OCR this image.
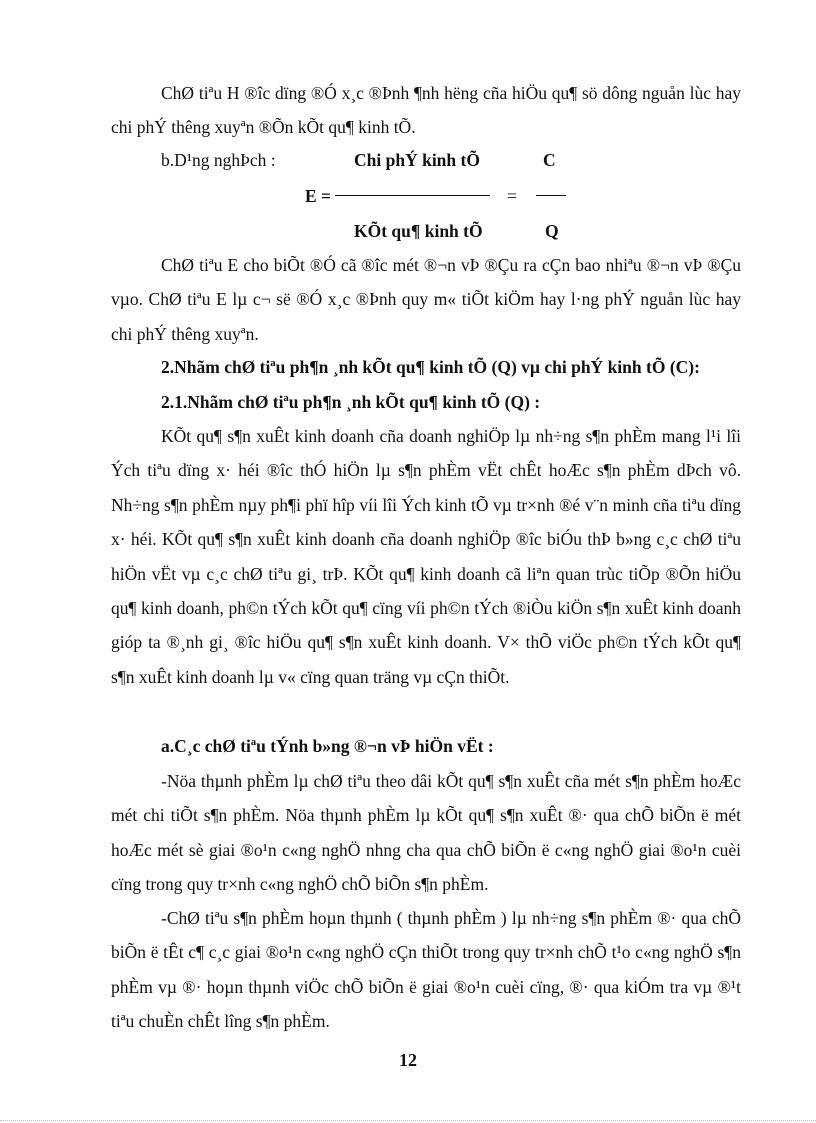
ChØ tiªu H ®îc dïng ®Ó x¸c ®Þnh ¶nh hëng cña hiÖu qu¶ sö dông nguån lùc hay chi phÝ thêng xuyªn ®Õn kÕt qu¶ kinh tÕ.

b.D¹ng nghÞch :	Chi phÝ kinh tÕ	C
E =	=
KÕt qu¶ kinh tÕ	Q

ChØ tiªu E cho biÕt ®Ó cã ®îc mét ®¬n vÞ ®Çu ra cÇn bao nhiªu ®¬n vÞ ®Çu vµo. ChØ tiªu E lµ c¬ së ®Ó x¸c ®Þnh quy m« tiÕt kiÖm hay l·ng phÝ nguån lùc hay chi phÝ thêng xuyªn.

2.Nhãm chØ tiªu ph¶n ¸nh kÕt qu¶ kinh tÕ (Q) vµ chi phÝ kinh tÕ (C):

2.1.Nhãm chØ tiªu ph¶n ¸nh kÕt qu¶ kinh tÕ (Q) :

KÕt qu¶ s¶n xuÊt kinh doanh cña doanh nghiÖp lµ nh÷ng s¶n phÈm mang l¹i lîi Ých tiªu dïng x· héi ®îc thÓ hiÖn lµ s¶n phÈm vËt chÊt hoÆc s¶n phÈm dÞch vô. Nh÷ng s¶n phÈm nµy ph¶i phï hîp víi lîi Ých kinh tÕ vµ tr×nh ®é v¨n minh cña tiªu dïng x· héi. KÕt qu¶ s¶n xuÊt kinh doanh cña doanh nghiÖp ®îc biÓu thÞ b»ng c¸c chØ tiªu hiÖn vËt vµ c¸c chØ tiªu gi¸ trÞ. KÕt qu¶ kinh doanh cã liªn quan trùc tiÕp ®Õn hiÖu qu¶ kinh doanh, ph©n tÝch kÕt qu¶ cïng víi ph©n tÝch ®iÒu kiÖn s¶n xuÊt kinh doanh gióp ta ®¸nh gi¸ ®îc hiÖu qu¶ s¶n xuÊt kinh doanh. V× thÕ viÖc ph©n tÝch kÕt qu¶ s¶n xuÊt kinh doanh lµ v« cïng quan träng vµ cÇn thiÕt.

a.C¸c chØ tiªu tÝnh b»ng ®¬n vÞ hiÖn vËt :

-Nöa thµnh phÈm lµ chØ tiªu theo dâi kÕt qu¶ s¶n xuÊt cña mét s¶n phÈm hoÆc mét chi tiÕt s¶n phÈm. Nöa thµnh phÈm lµ kÕt qu¶ s¶n xuÊt ®· qua chÕ biÕn ë mét hoÆc mét sè giai ®o¹n c«ng nghÖ nhng cha qua chÕ biÕn ë c«ng nghÖ giai ®o¹n cuèi cïng trong quy tr×nh c«ng nghÖ chÕ biÕn s¶n phÈm.

-ChØ tiªu s¶n phÈm hoµn thµnh ( thµnh phÈm ) lµ nh÷ng s¶n phÈm ®· qua chÕ biÕn ë tÊt c¶ c¸c giai ®o¹n c«ng nghÖ cÇn thiÕt trong quy tr×nh chÕ t¹o c«ng nghÖ s¶n phÈm vµ ®· hoµn thµnh viÖc chÕ biÕn ë giai ®o¹n cuèi cïng, ®· qua kiÓm tra vµ ®¹t tiªu chuÈn chÊt lîng s¶n phÈm.

12
